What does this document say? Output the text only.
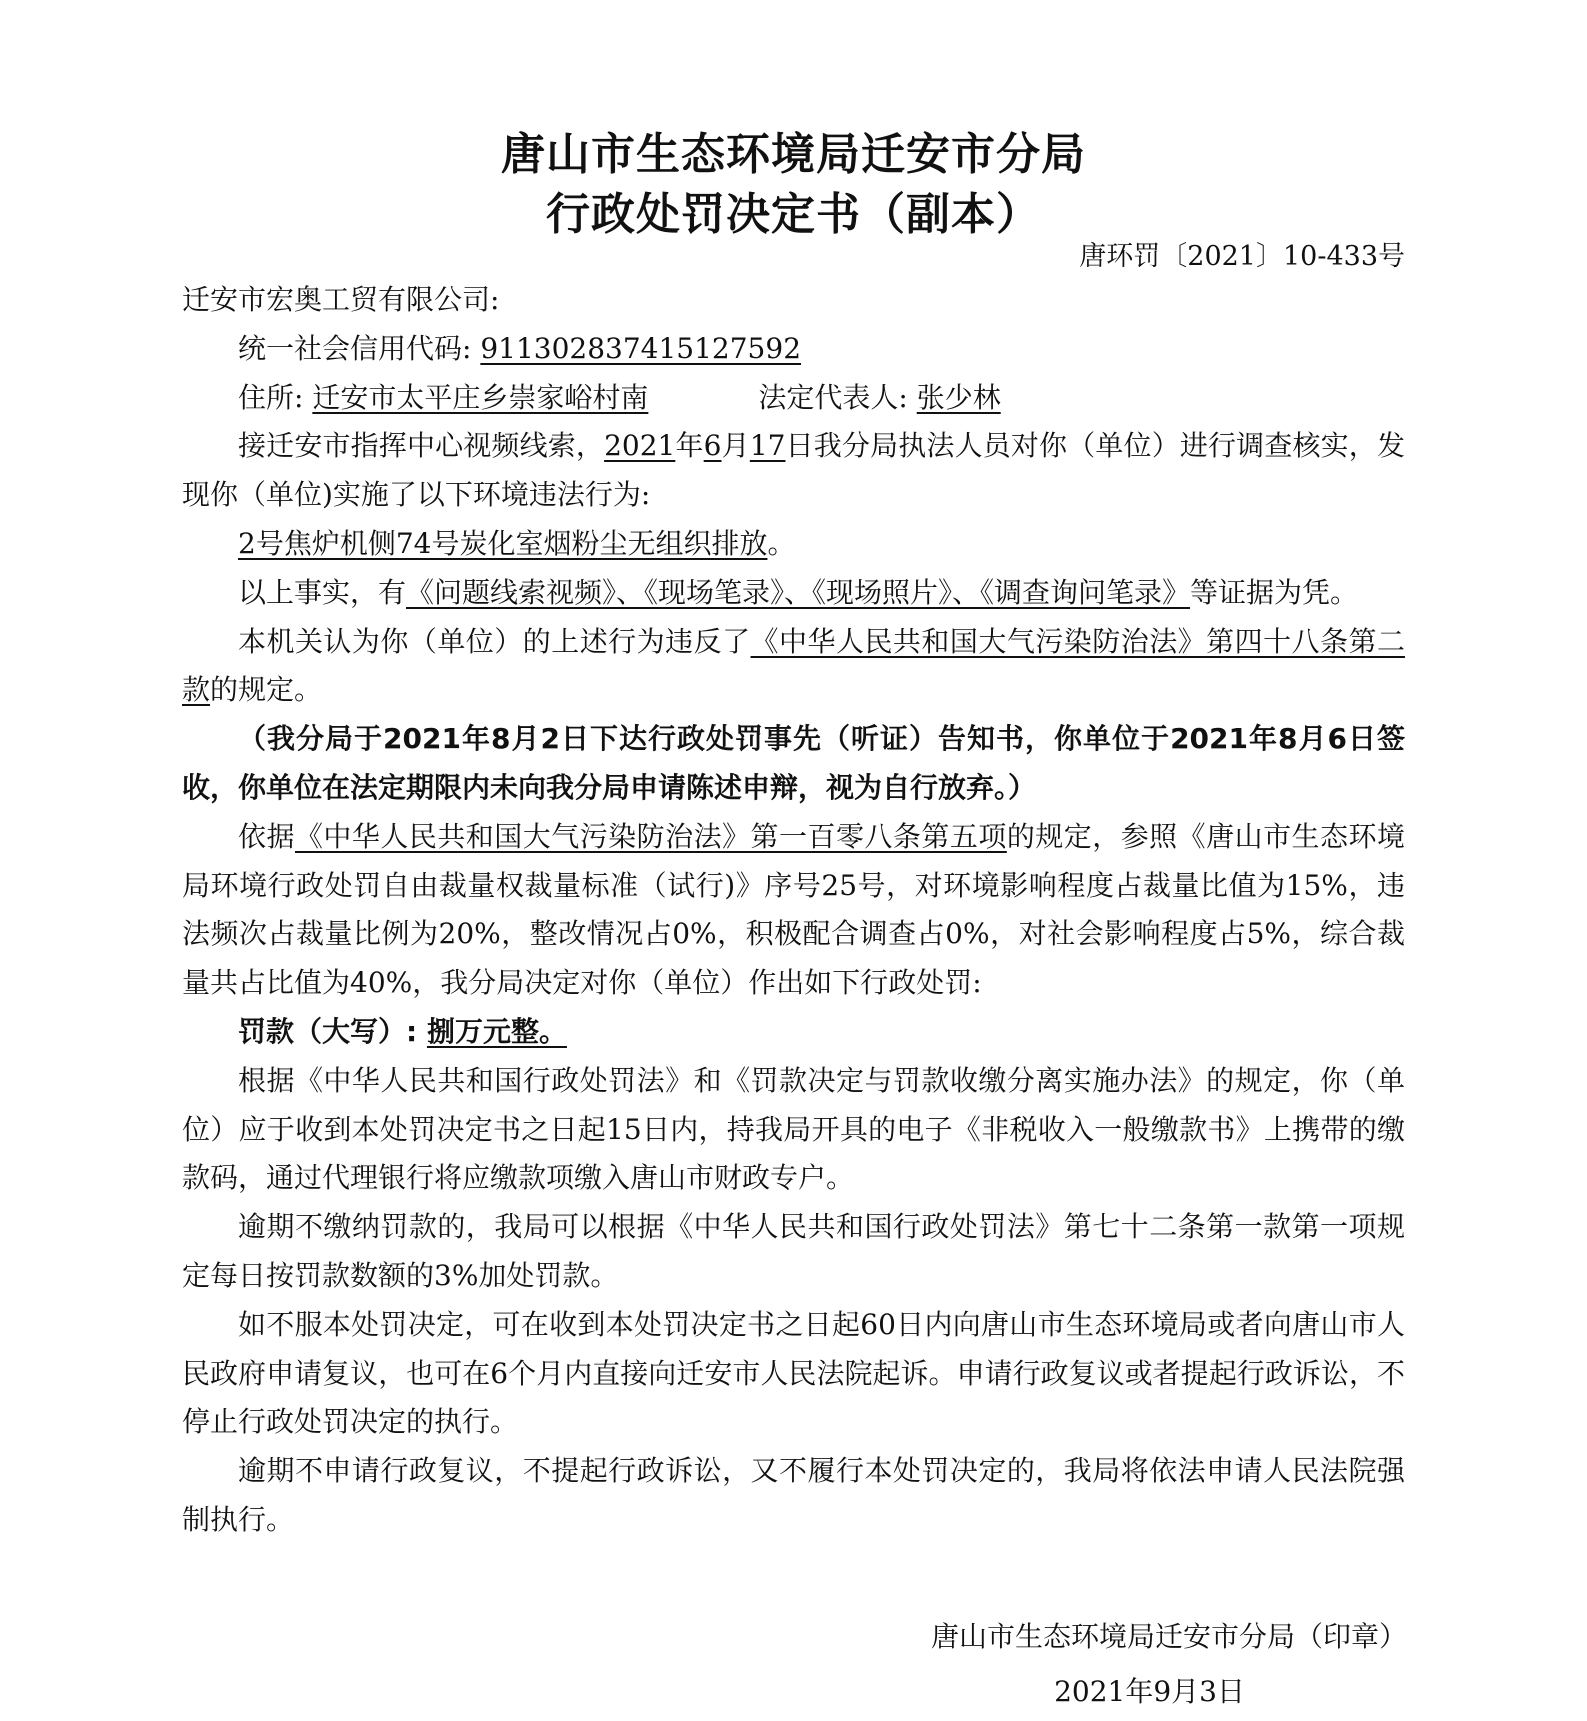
唐山市生态环境局迁安市分局
行政处罚决定书（副本）
唐环罚〔2021〕10-433号

迁安市宏奥工贸有限公司:

统一社会信用代码: 911302837415127592

住所: 迁安市太平庄乡崇家峪村南	法定代表人: 张少林

接迁安市指挥中心视频线索，2021年6月17日我分局执法人员对你（单位）进行调查核实，发现你（单位)实施了以下环境违法行为:

2号焦炉机侧74号炭化室烟粉尘无组织排放。

以上事实，有《问题线索视频》、《现场笔录》、《现场照片》、《调查询问笔录》等证据为凭。

本机关认为你（单位）的上述行为违反了《中华人民共和国大气污染防治法》第四十八条第二款的规定。

（我分局于2021年8月2日下达行政处罚事先（听证）告知书，你单位于2021年8月6日签收，你单位在法定期限内未向我分局申请陈述申辩，视为自行放弃。）

依据《中华人民共和国大气污染防治法》第一百零八条第五项的规定，参照《唐山市生态环境局环境行政处罚自由裁量权裁量标准（试行)》序号25号，对环境影响程度占裁量比值为15%，违法频次占裁量比例为20%，整改情况占0%，积极配合调查占0%，对社会影响程度占5%，综合裁量共占比值为40%，我分局决定对你（单位）作出如下行政处罚:

罚款（大写）: 捌万元整。

根据《中华人民共和国行政处罚法》和《罚款决定与罚款收缴分离实施办法》的规定，你（单位）应于收到本处罚决定书之日起15日内，持我局开具的电子《非税收入一般缴款书》上携带的缴款码，通过代理银行将应缴款项缴入唐山市财政专户。

逾期不缴纳罚款的，我局可以根据《中华人民共和国行政处罚法》第七十二条第一款第一项规定每日按罚款数额的3%加处罚款。

如不服本处罚决定，可在收到本处罚决定书之日起60日内向唐山市生态环境局或者向唐山市人民政府申请复议，也可在6个月内直接向迁安市人民法院起诉。申请行政复议或者提起行政诉讼，不停止行政处罚决定的执行。

逾期不申请行政复议，不提起行政诉讼，又不履行本处罚决定的，我局将依法申请人民法院强制执行。

唐山市生态环境局迁安市分局（印章）
2021年9月3日
